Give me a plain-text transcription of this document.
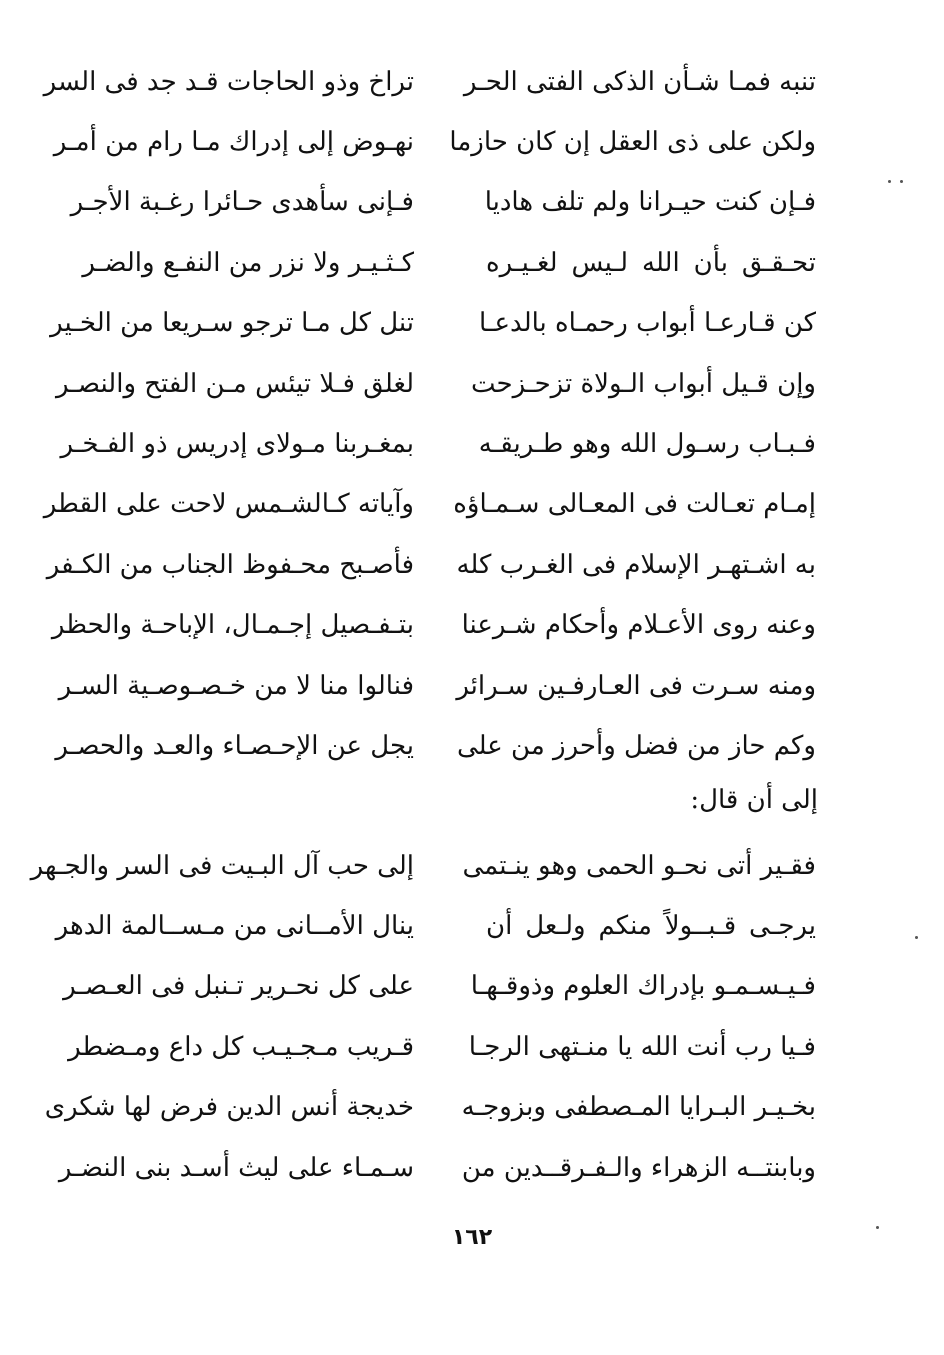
تنبه فمـا شـأن الذكى الفتى الحـر
تراخ وذو الحاجات قـد جد فى السر
ولكن على ذى العقل إن كان حازما
نهـوض إلى إدراك مـا رام من أمـر
فـإن كنت حيـرانا ولم تلف هاديا
فـإنى سأهدى حـائرا رغـبة الأجـر
تحـقـق بأن الله لـيس لغـيـره
كـثـيـر ولا نزر من النفـع والضـر
كن قـارعـا أبواب رحمـاه بالدعـا
تنل كل مـا ترجو سـريعا من الخـير
وإن قـيل أبواب الـولاة تزحـزحت
لغلق فـلا تيئس مـن الفتح والنصـر
فـبـاب رسـول الله وهو طـريقـه
بمغـربنا مـولاى إدريس ذو الفـخـر
إمـام تعـالت فى المعـالى سـمـاؤه
وآياته كـالشـمس لاحت على القطر
به اشـتهـر الإسلام فى الغـرب كله
فأصـبح محـفوظ الجناب من الكـفر
وعنه روى الأعـلام وأحكام شـرعنا
بتـفـصيل إجـمـال، الإباحـة والحظر
ومنه سـرت فى العـارفـين سـرائر
فنالوا منا لا من خـصـوصـية السـر
وكم حاز من فضل وأحرز من على
يجل عن الإحـصـاء والعـد والحصـر
إلى أن قال:
فقـير أتى نحـو الحمى وهو ينـتمى
إلى حب آل البـيت فى السر والجـهر
يرجـى قـبــولاً منكم ولـعل أن
ينال الأمــانى من مـســالمة الدهر
فـيـسـمـو بإدراك العلوم وذوقـهـا
على كل نحـرير تـنبل فى العـصـر
فـيا رب أنت الله يا منـتهى الرجـا
قـريب مـجـيـب كل داع ومـضطر
بخـيـر البـرايا المـصطفى وبزوجـه
خديجة أنس الدين فرض لها شكرى
وبابنتــه الزهراء والـفـرقــدين من
سـمـاء على ليث أسـد بنى النضـر
١٦٢
